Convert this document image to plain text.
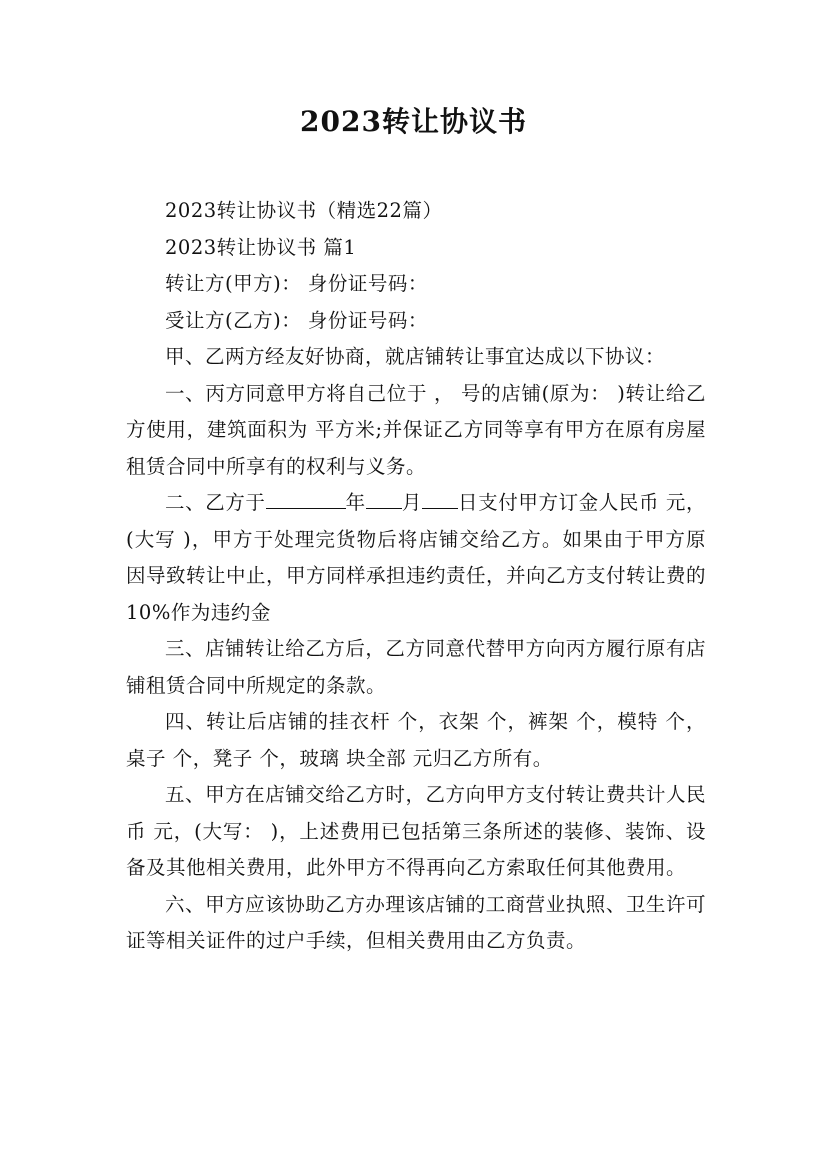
2023转让协议书

2023转让协议书（精选22篇）

2023转让协议书 篇1

转让方(甲方)： 身份证号码：

受让方(乙方)： 身份证号码：

甲、乙两方经友好协商，就店铺转让事宜达成以下协议：

一、丙方同意甲方将自己位于 ， 号的店铺(原为： )转让给乙方使用，建筑面积为 平方米;并保证乙方同等享有甲方在原有房屋租赁合同中所享有的权利与义务。

二、乙方于	年 月 日支付甲方订金人民币 元，(大写 )，甲方于处理完货物后将店铺交给乙方。如果由于甲方原因导致转让中止，甲方同样承担违约责任，并向乙方支付转让费的10%作为违约金

三、店铺转让给乙方后，乙方同意代替甲方向丙方履行原有店铺租赁合同中所规定的条款。

四、转让后店铺的挂衣杆 个，衣架 个，裤架 个，模特 个，桌子 个，凳子 个，玻璃 块全部 元归乙方所有。

五、甲方在店铺交给乙方时，乙方向甲方支付转让费共计人民币 元，(大写： )，上述费用已包括第三条所述的装修、装饰、设备及其他相关费用，此外甲方不得再向乙方索取任何其他费用。

六、甲方应该协助乙方办理该店铺的工商营业执照、卫生许可证等相关证件的过户手续，但相关费用由乙方负责。
